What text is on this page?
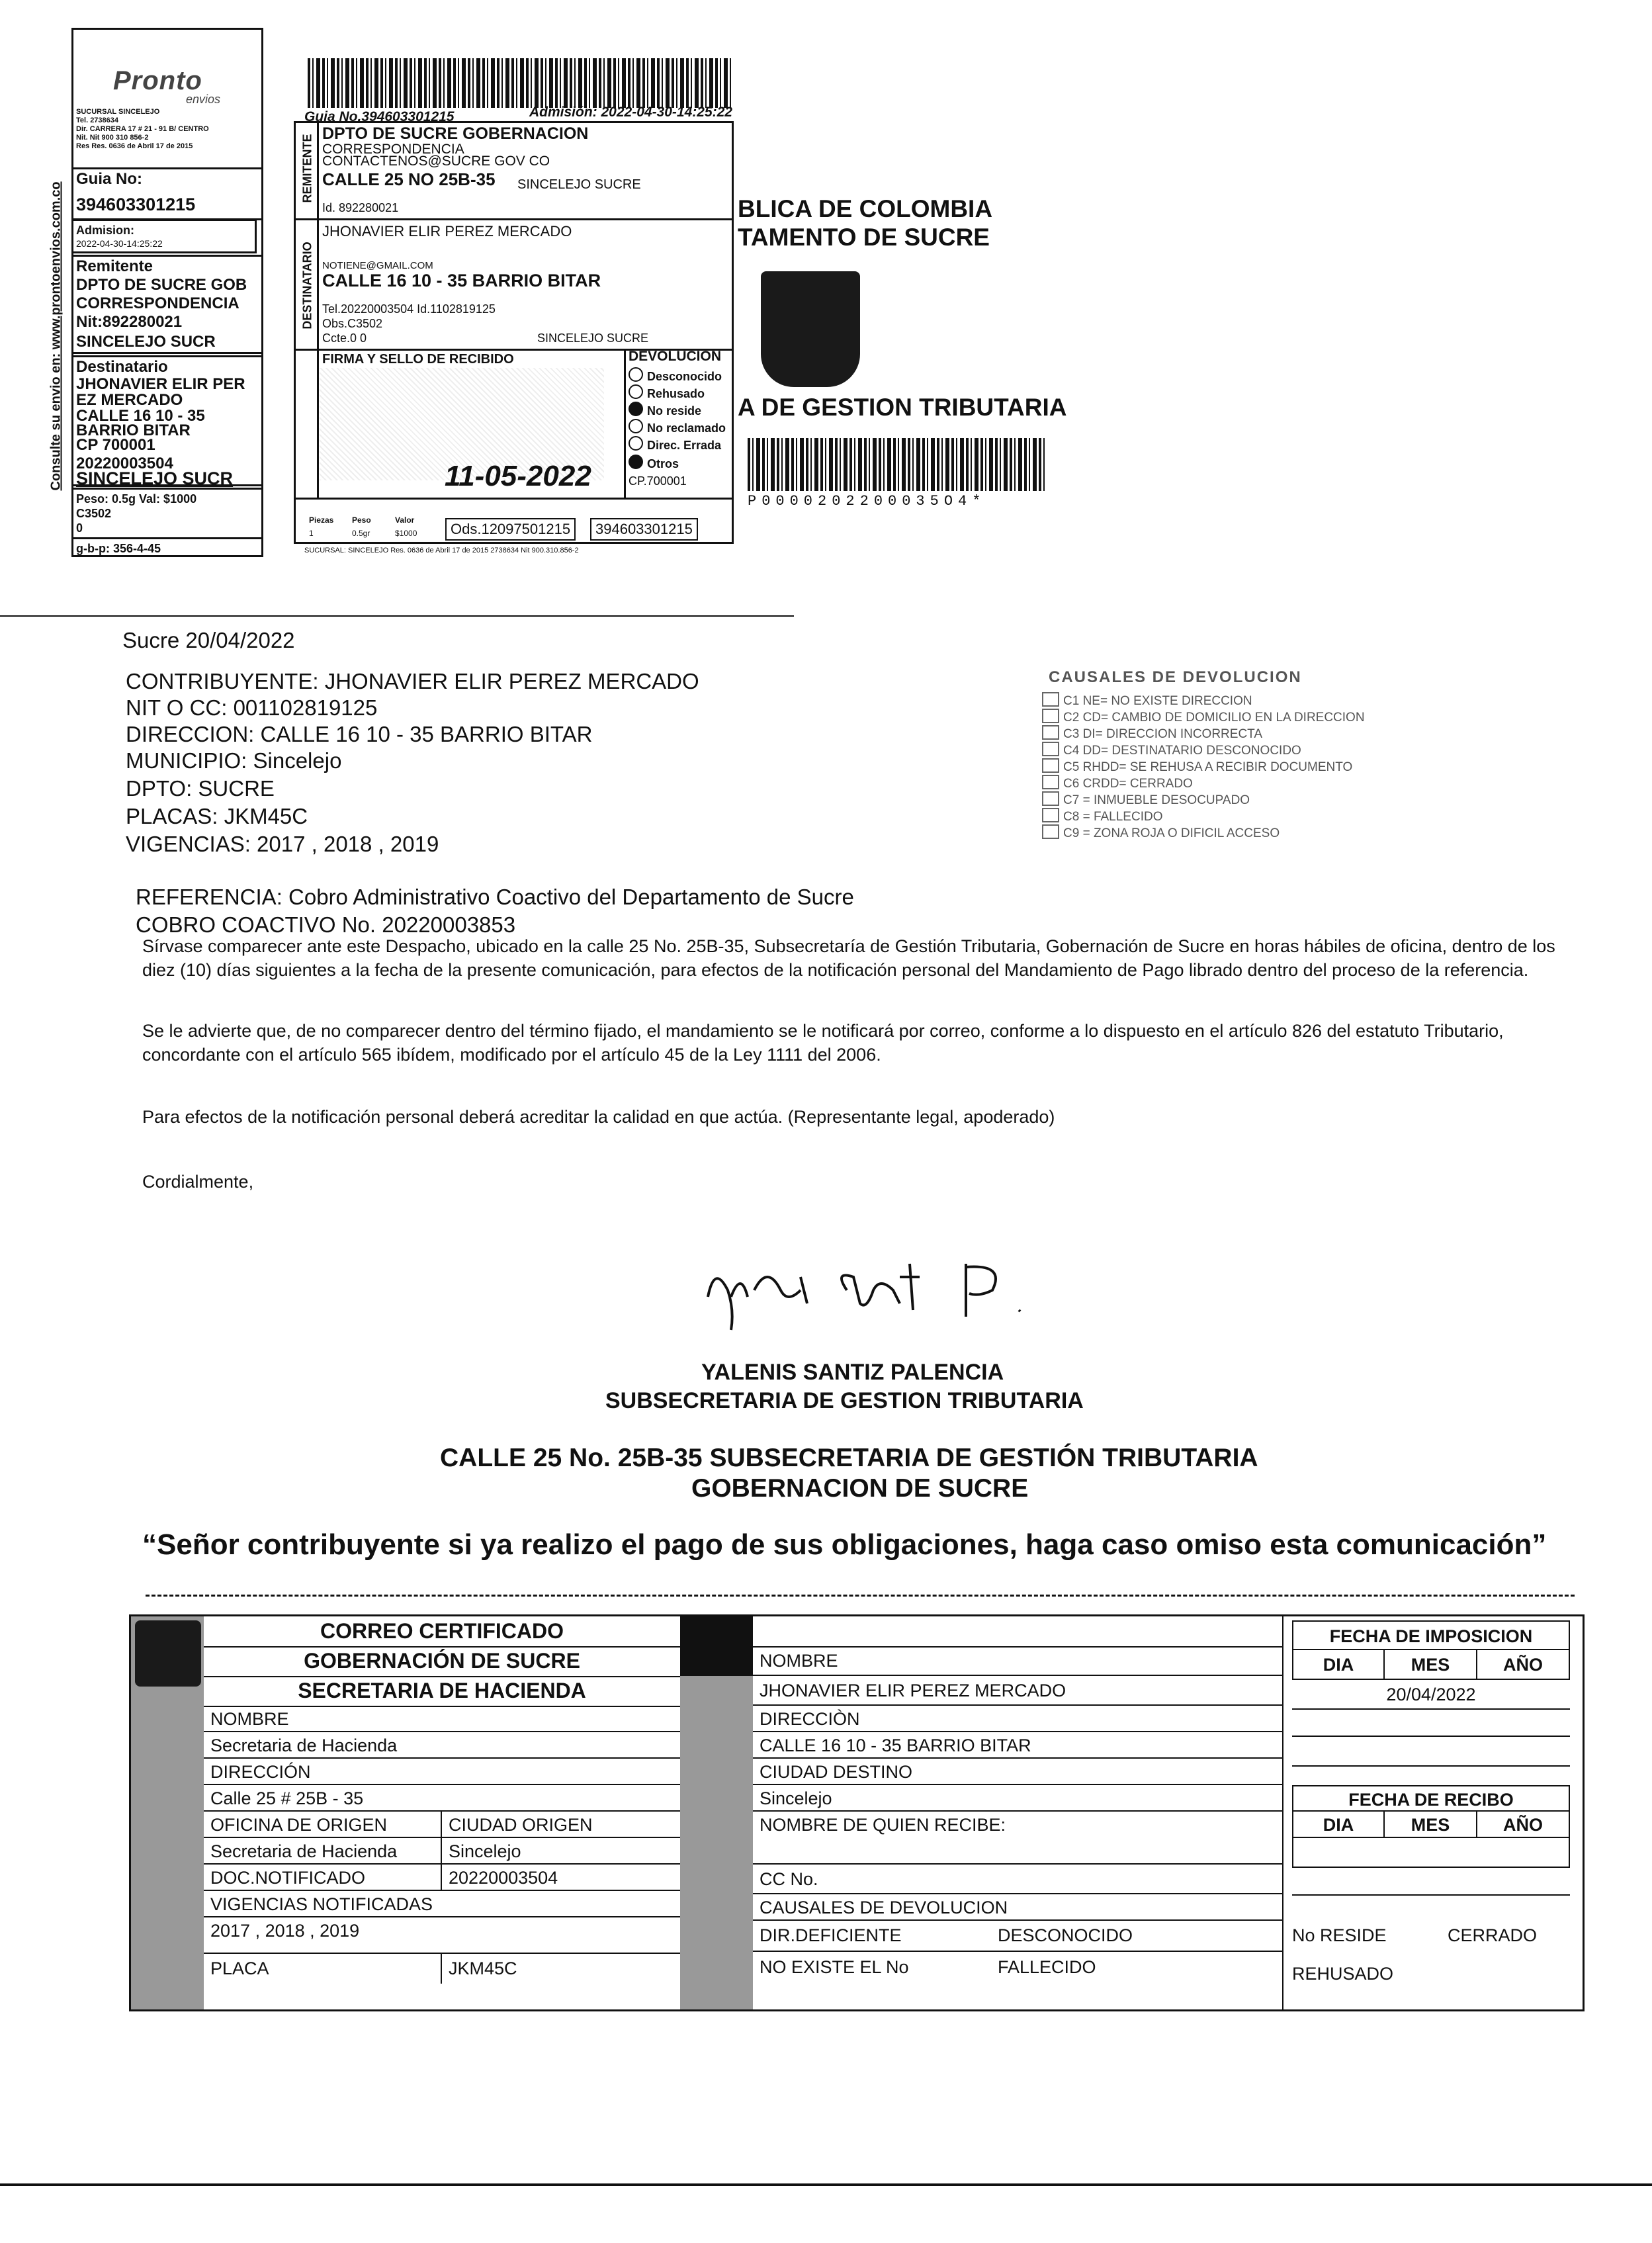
Pronto
envios
SUCURSAL SINCELEJO
Tel. 2738634
Dir. CARRERA 17 # 21 - 91 B/ CENTRO
Nit. Nit 900 310 856-2
Res Res. 0636 de Abril 17 de 2015
Guia No:
394603301215
Admision:
2022-04-30-14:25:22
Remitente
DPTO DE SUCRE GOB
CORRESPONDENCIA
Nit:892280021
SINCELEJO SUCR
Destinatario
JHONAVIER ELIR PER
EZ MERCADO
CALLE 16 10 - 35
BARRIO BITAR
CP 700001
20220003504
SINCELEJO SUCR
Peso: 0.5g Val: $1000
C3502
0
g-b-p: 356-4-45
Consulte su envio en: www.prontoenvios.com.co
Guia No.394603301215	Admisión: 2022-04-30-14:25:22
REMITENTE
DPTO DE SUCRE GOBERNACION
CORRESPONDENCIA
CONTACTENOS@SUCRE GOV CO
CALLE 25 NO 25B-35 SINCELEJO SUCRE
Id. 892280021
DESTINATARIO
JHONAVIER ELIR PEREZ MERCADO
NOTIENE@GMAIL.COM
CALLE 16 10 - 35 BARRIO BITAR
Tel.20220003504 Id.1102819125
Obs.C3502
Ccte.0 0	SINCELEJO SUCRE
FIRMA Y SELLO DE RECIBIDO
11-05-2022
DEVOLUCION
Desconocido
Rehusado
No reside
No reclamado
Direc. Errada
Otros
CP.700001
Piezas
1
Peso
0.5gr
Valor
$1000	Ods.12097501215	394603301215
SUCURSAL: SINCELEJO Res. 0636 de Abril 17 de 2015 2738634 Nit 900.310.856-2
BLICA DE COLOMBIA
TAMENTO DE SUCRE
A DE GESTION TRIBUTARIA
P0000202200035O4*
Sucre 20/04/2022
CONTRIBUYENTE: JHONAVIER ELIR PEREZ MERCADO
NIT O CC: 001102819125
DIRECCION: CALLE 16 10 - 35 BARRIO BITAR
MUNICIPIO: Sincelejo
DPTO: SUCRE
PLACAS: JKM45C
VIGENCIAS: 2017 , 2018 , 2019
REFERENCIA: Cobro Administrativo Coactivo del Departamento de Sucre
COBRO COACTIVO No. 20220003853
CAUSALES DE DEVOLUCION
C1 NE= NO EXISTE DIRECCION
C2 CD= CAMBIO DE DOMICILIO EN LA DIRECCION
C3 DI= DIRECCION INCORRECTA
C4 DD= DESTINATARIO DESCONOCIDO
C5 RHDD= SE REHUSA A RECIBIR DOCUMENTO
C6 CRDD= CERRADO
C7 = INMUEBLE DESOCUPADO
C8 = FALLECIDO
C9 = ZONA ROJA O DIFICIL ACCESO
Sírvase comparecer ante este Despacho, ubicado en la calle 25 No. 25B-35, Subsecretaría de Gestión Tributaria, Gobernación de Sucre en horas hábiles de oficina, dentro de los diez (10) días siguientes a la fecha de la presente comunicación, para efectos de la notificación personal del Mandamiento de Pago librado dentro del proceso de la referencia.
Se le advierte que, de no comparecer dentro del término fijado, el mandamiento se le notificará por correo, conforme a lo dispuesto en el artículo 826 del estatuto Tributario, concordante con el artículo 565 ibídem, modificado por el artículo 45 de la Ley 1111 del 2006.
Para efectos de la notificación personal deberá acreditar la calidad en que actúa. (Representante legal, apoderado)
Cordialmente,
YALENIS SANTIZ PALENCIA
SUBSECRETARIA DE GESTION TRIBUTARIA
CALLE 25 No. 25B-35 SUBSECRETARIA DE GESTIÓN TRIBUTARIA
GOBERNACION DE SUCRE
“Señor contribuyente si ya realizo el pago de sus obligaciones, haga caso omiso esta comunicación”
CORREO CERTIFICADO
GOBERNACIÓN DE SUCRE
SECRETARIA DE HACIENDA
NOMBRE
Secretaria de Hacienda
DIRECCIÓN
Calle 25 # 25B - 35
OFICINA DE ORIGEN	CIUDAD ORIGEN
Secretaria de Hacienda	Sincelejo
DOC.NOTIFICADO	20220003504
VIGENCIAS NOTIFICADAS
2017 , 2018 , 2019
PLACA	JKM45C
NOMBRE
JHONAVIER ELIR PEREZ MERCADO
DIRECCIÒN
CALLE 16 10 - 35 BARRIO BITAR
CIUDAD DESTINO
Sincelejo
NOMBRE DE QUIEN RECIBE:
CC No.
CAUSALES DE DEVOLUCION
DIR.DEFICIENTE	DESCONOCIDO
NO EXISTE EL No	FALLECIDO
FECHA DE IMPOSICION
DIA	MES	AÑO
20/04/2022
FECHA DE RECIBO
DIA	MES	AÑO
No RESIDE	CERRADO
REHUSADO
